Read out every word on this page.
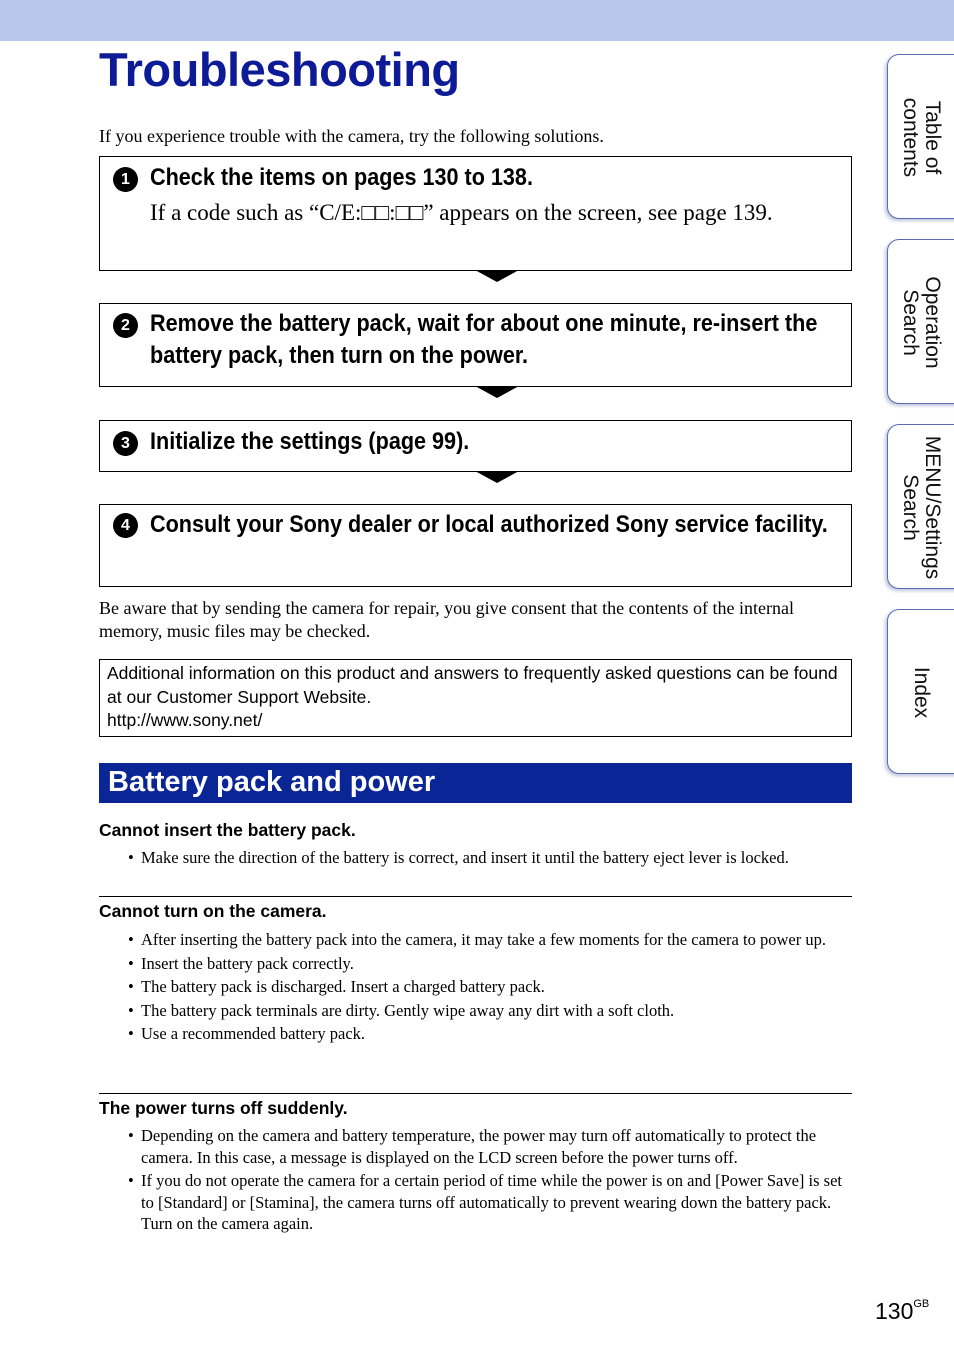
Troubleshooting
If you experience trouble with the camera, try the following solutions.
1 Check the items on pages 130 to 138.
If a code such as “C/E:□□:□□” appears on the screen, see page 139.
2 Remove the battery pack, wait for about one minute, re-insert the battery pack, then turn on the power.
3 Initialize the settings (page 99).
4 Consult your Sony dealer or local authorized Sony service facility.
Be aware that by sending the camera for repair, you give consent that the contents of the internal memory, music files may be checked.
Additional information on this product and answers to frequently asked questions can be found at our Customer Support Website.
http://www.sony.net/
Battery pack and power
Cannot insert the battery pack.
• Make sure the direction of the battery is correct, and insert it until the battery eject lever is locked.
Cannot turn on the camera.
• After inserting the battery pack into the camera, it may take a few moments for the camera to power up.
• Insert the battery pack correctly.
• The battery pack is discharged. Insert a charged battery pack.
• The battery pack terminals are dirty. Gently wipe away any dirt with a soft cloth.
• Use a recommended battery pack.
The power turns off suddenly.
• Depending on the camera and battery temperature, the power may turn off automatically to protect the camera. In this case, a message is displayed on the LCD screen before the power turns off.
• If you do not operate the camera for a certain period of time while the power is on and [Power Save] is set to [Standard] or [Stamina], the camera turns off automatically to prevent wearing down the battery pack. Turn on the camera again.
Table of
contents
Operation
Search
MENU/Settings
Search
Index
$130^{GB}$
